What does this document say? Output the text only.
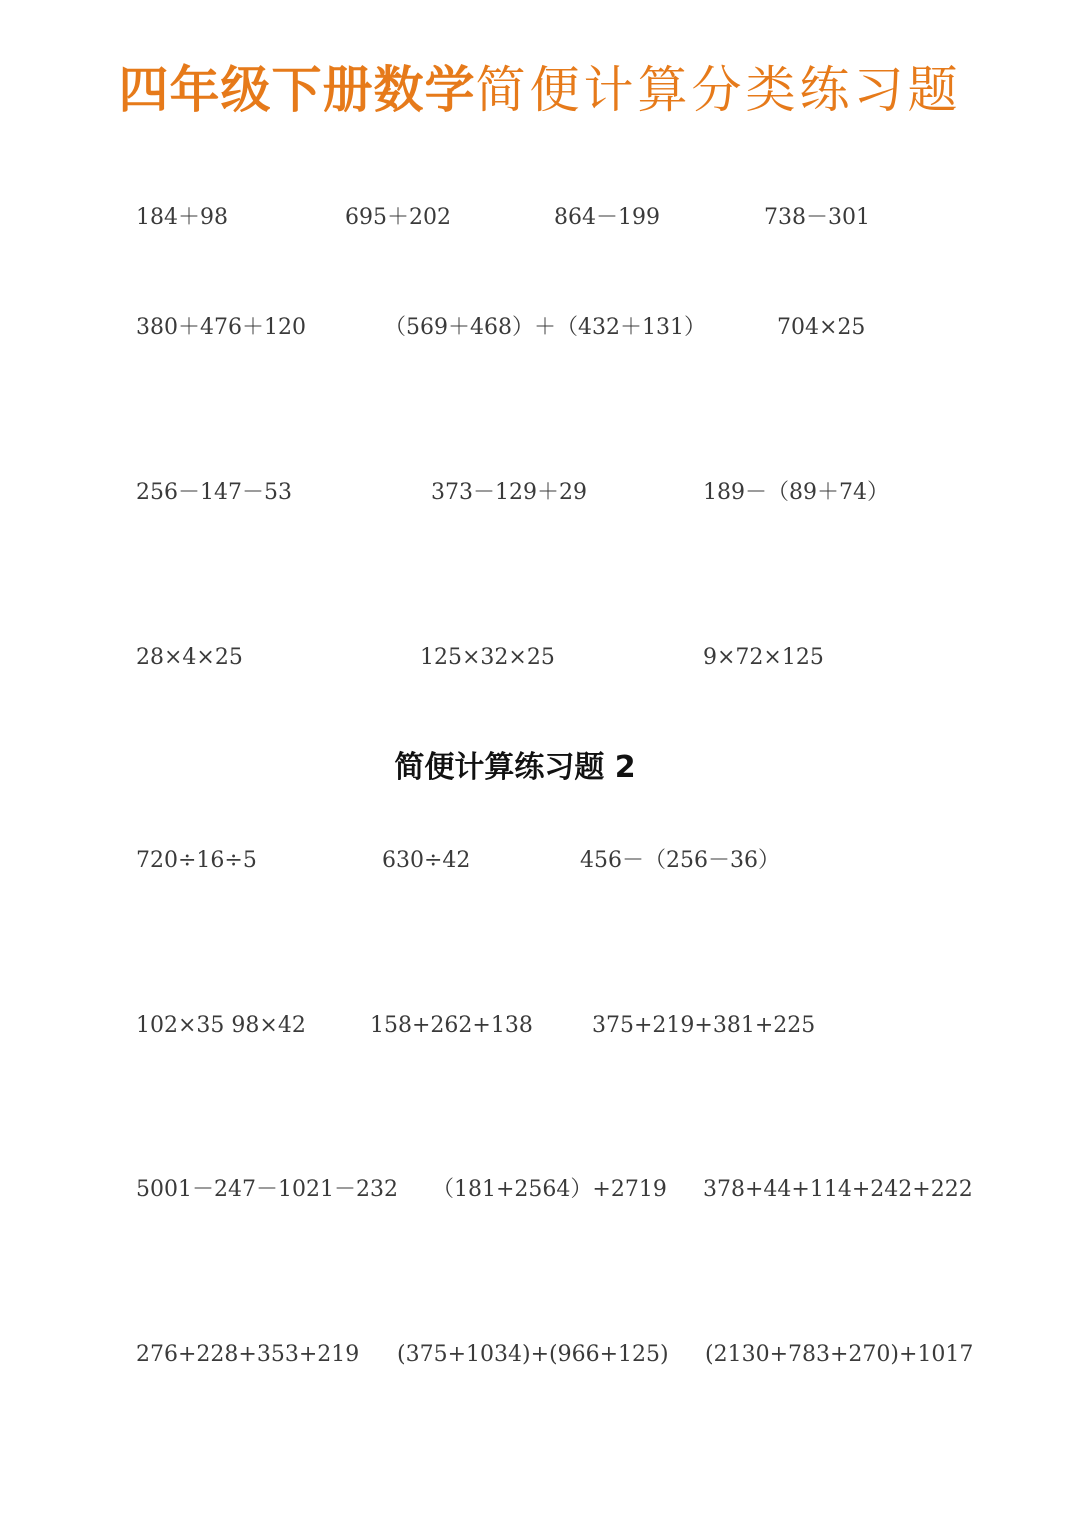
四年级下册数学简便计算分类练习题
184＋98	695＋202	864－199	738－301
380＋476＋120	（569＋468）＋（432＋131）	704×25
256－147－53	373－129＋29	189－（89＋74）
28×4×25	125×32×25	9×72×125
简便计算练习题 2
720÷16÷5	630÷42	456－（256－36）
102×35 98×42	158+262+138	375+219+381+225
5001－247－1021－232 （181+2564）+2719 378+44+114+242+222
276+228+353+219 (375+1034)+(966+125) (2130+783+270)+1017
